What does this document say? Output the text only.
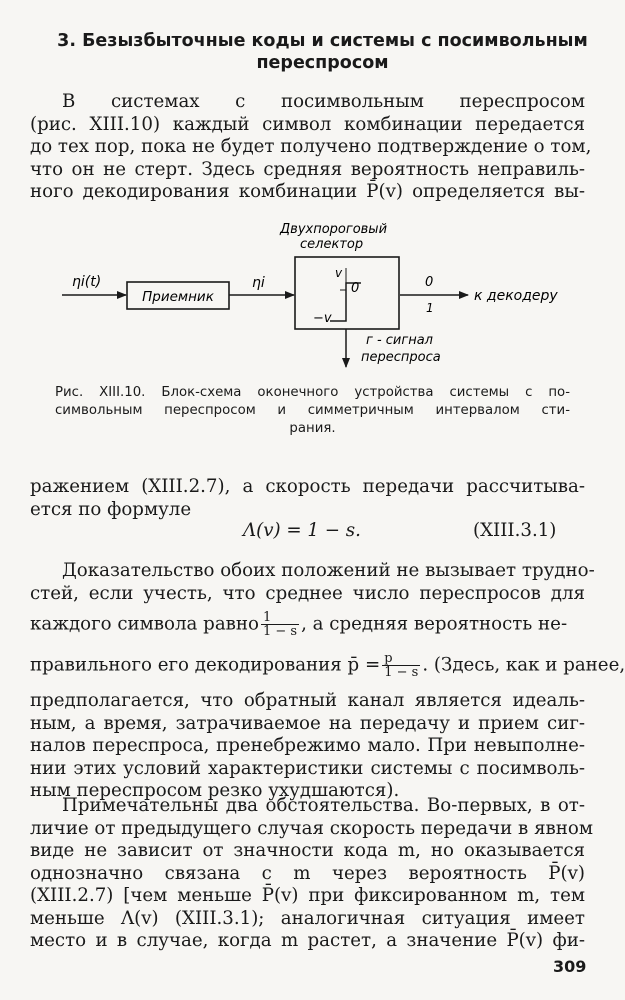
3. Безызбыточные коды и системы с посимвольным
переспросом
В системах с посимвольным переспросом
(рис. XIII.10) каждый символ комбинации передается
до тех пор, пока не будет получено подтверждение о том,
что он не стерт. Здесь средняя вероятность неправиль-
ного декодирования комбинации P̄(v) определяется вы-
Двухпороговый
селектор
ηi(t)
Приемник
ηi
v
−v
0	0
1
к декодеру
г - сигнал
переспроса
Рис. XIII.10. Блок-схема оконечного устройства системы с по-
символьным переспросом и симметричным интервалом сти-
рания.
ражением (XIII.2.7), а скорость передачи рассчитыва-
ется по формуле
Λ(v) = 1 − s.	(XIII.3.1)
Доказательство обоих положений не вызывает трудно-
стей, если учесть, что среднее число переспросов для
каждого символа равно $\frac{1}{1 - s}$ , а средняя вероятность не-
правильного его декодирования p̄ = $\frac{p}{1 - s}$ . (Здесь, как и ранее,
предполагается, что обратный канал является идеаль-
ным, а время, затрачиваемое на передачу и прием сиг-
налов переспроса, пренебрежимо мало. При невыполне-
нии этих условий характеристики системы с посимволь-
ным переспросом резко ухудшаются).
Примечательны два обстоятельства. Во-первых, в от-
личие от предыдущего случая скорость передачи в явном
виде не зависит от значности кода m, но оказывается
однозначно связана с m через вероятность P̄(v)
(XIII.2.7) [чем меньше P̄(v) при фиксированном m, тем
меньше Λ(v) (XIII.3.1); аналогичная ситуация имеет
место и в случае, когда m растет, а значение P̄(v) фи-
309
